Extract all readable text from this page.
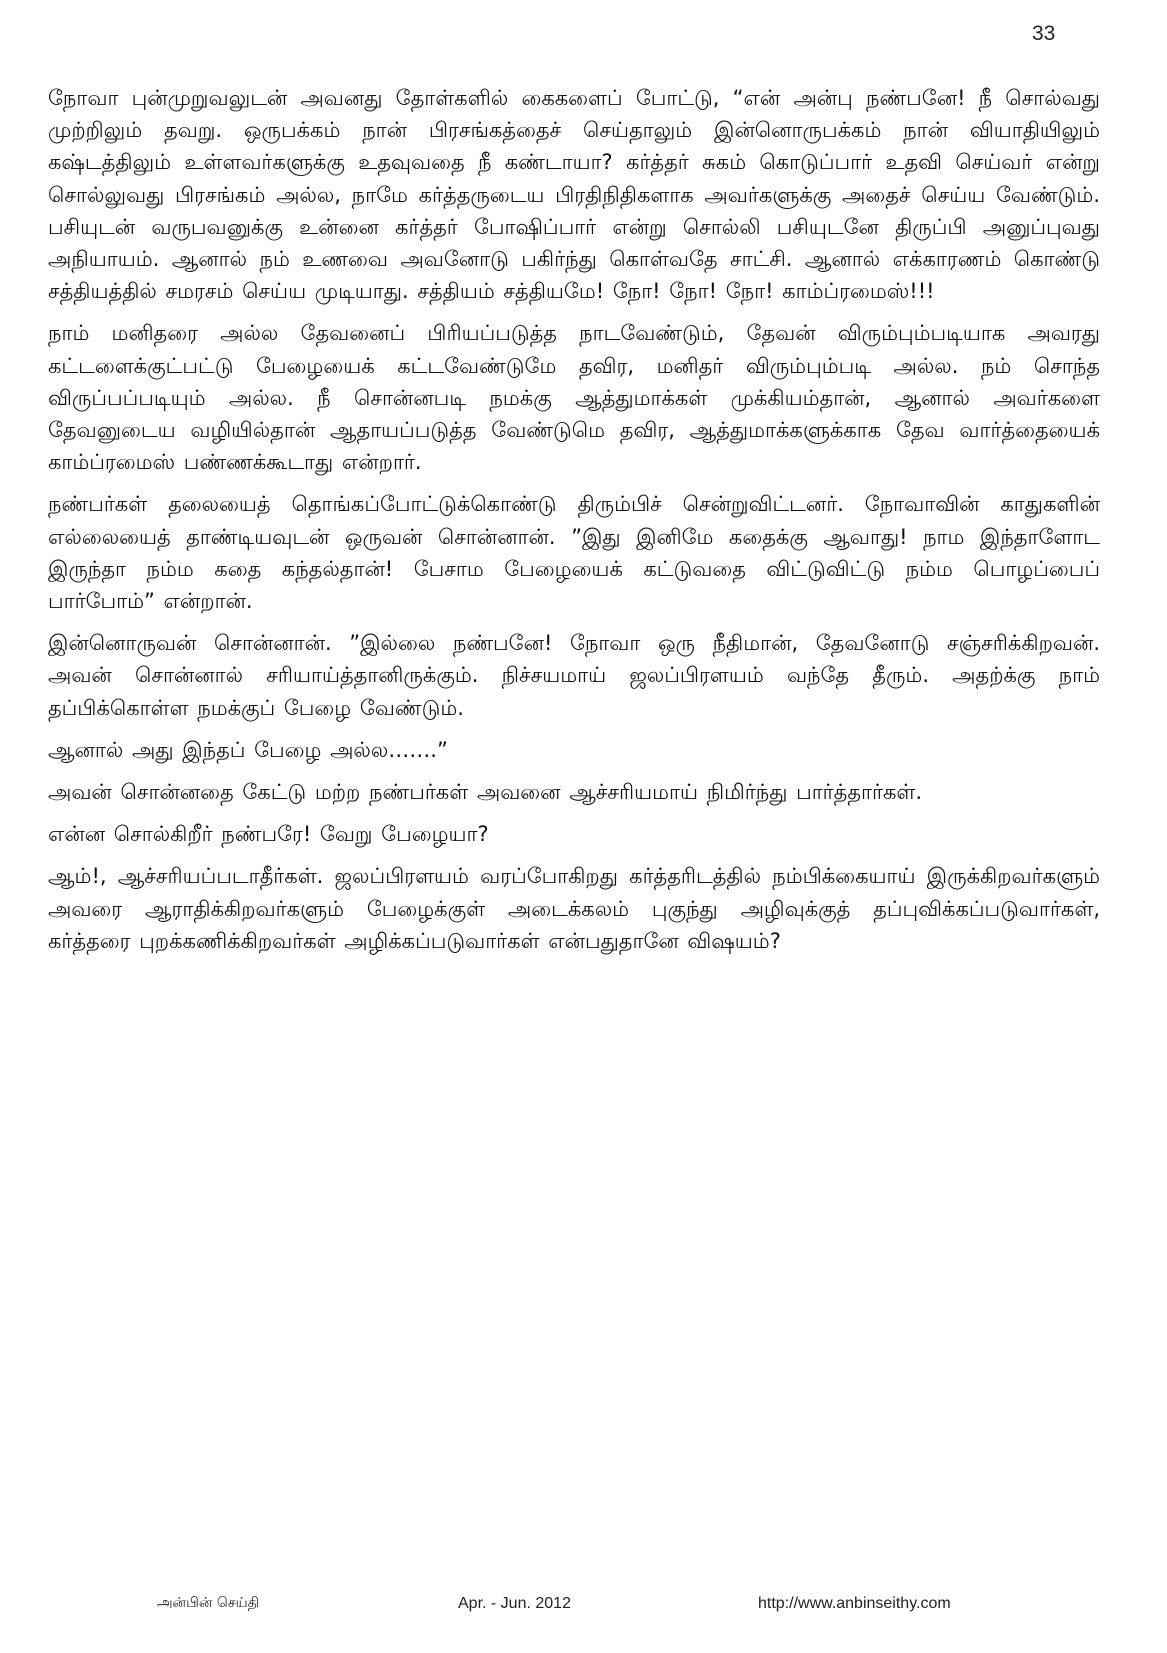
33

நோவா புன்முறுவலுடன் அவனது தோள்களில் கைகளைப் போட்டு, “என் அன்பு நண்பனே! நீ சொல்வது முற்றிலும் தவறு. ஒருபக்கம் நான் பிரசங்கத்தைச் செய்தாலும் இன்னொருபக்கம் நான் வியாதியிலும் கஷ்டத்திலும் உள்ளவர்களுக்கு உதவுவதை நீ கண்டாயா? கர்த்தர் சுகம் கொடுப்பார் உதவி செய்வர் என்று சொல்லுவது பிரசங்கம் அல்ல, நாமே கர்த்தருடைய பிரதிநிதிகளாக அவர்களுக்கு அதைச் செய்ய வேண்டும். பசியுடன் வருபவனுக்கு உன்னை கர்த்தர் போஷிப்பார் என்று சொல்லி பசியுடனே திருப்பி அனுப்புவது அநியாயம். ஆனால் நம் உணவை அவனோடு பகிர்ந்து கொள்வதே சாட்சி. ஆனால் எக்காரணம் கொண்டு சத்தியத்தில் சமரசம் செய்ய முடியாது. சத்தியம் சத்தியமே! நோ! நோ! நோ! காம்ப்ரமைஸ்!!!

நாம் மனிதரை அல்ல தேவனைப் பிரியப்படுத்த நாடவேண்டும், தேவன் விரும்பும்படியாக அவரது கட்டளைக்குட்பட்டு பேழையைக் கட்டவேண்டுமே தவிர, மனிதர் விரும்பும்படி அல்ல. நம் சொந்த விருப்பப்படியும் அல்ல. நீ சொன்னபடி நமக்கு ஆத்துமாக்கள் முக்கியம்தான், ஆனால் அவர்களை தேவனுடைய வழியில்தான் ஆதாயப்படுத்த வேண்டுமெ தவிர, ஆத்துமாக்களுக்காக தேவ வார்த்தையைக் காம்ப்ரமைஸ் பண்ணக்கூடாது என்றார்.

நண்பர்கள் தலையைத் தொங்கப்போட்டுக்கொண்டு திரும்பிச் சென்றுவிட்டனர். நோவாவின் காதுகளின் எல்லையைத் தாண்டியவுடன் ஒருவன் சொன்னான். ”இது இனிமே கதைக்கு ஆவாது! நாம இந்தாளோட இருந்தா நம்ம கதை கந்தல்தான்! பேசாம பேழையைக் கட்டுவதை விட்டுவிட்டு நம்ம பொழப்பைப் பார்போம்” என்றான்.

இன்னொருவன் சொன்னான். ”இல்லை நண்பனே! நோவா ஒரு நீதிமான், தேவனோடு சஞ்சரிக்கிறவன். அவன் சொன்னால் சரியாய்த்தானிருக்கும். நிச்சயமாய் ஜலப்பிரளயம் வந்தே தீரும். அதற்க்கு நாம் தப்பிக்கொள்ள நமக்குப் பேழை வேண்டும்.

ஆனால் அது இந்தப் பேழை அல்ல…….”

அவன் சொன்னதை கேட்டு மற்ற நண்பர்கள் அவனை ஆச்சரியமாய் நிமிர்ந்து பார்த்தார்கள்.

என்ன சொல்கிறீர் நண்பரே! வேறு பேழையா?

ஆம்!, ஆச்சரியப்படாதீர்கள். ஜலப்பிரளயம் வரப்போகிறது கர்த்தரிடத்தில் நம்பிக்கையாய் இருக்கிறவர்களும் அவரை ஆராதிக்கிறவர்களும் பேழைக்குள் அடைக்கலம் புகுந்து அழிவுக்குத் தப்புவிக்கப்படுவார்கள், கர்த்தரை புறக்கணிக்கிறவர்கள் அழிக்கப்படுவார்கள் என்பதுதானே விஷயம்?

அன்பின் செய்தி	Apr. - Jun. 2012	http://www.anbinseithy.com
